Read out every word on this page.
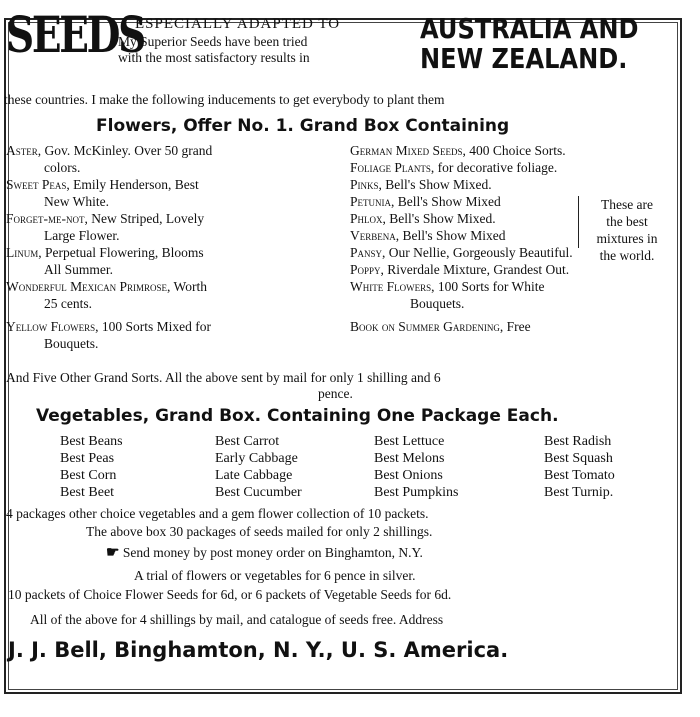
SEEDS
ESPECIALLY ADAPTED TO
My Superior Seeds have been tried
with the most satisfactory results in
AUSTRALIA AND
NEW ZEALAND.
these countries. I make the following inducements to get everybody to plant them
Flowers, Offer No. 1. Grand Box Containing
Aster, Gov. McKinley. Over 50 grand
colors.
Sweet Peas, Emily Henderson, Best
New White.
Forget-me-not, New Striped, Lovely
Large Flower.
Linum, Perpetual Flowering, Blooms
All Summer.
Wonderful Mexican Primrose, Worth
25 cents.
Yellow Flowers, 100 Sorts Mixed for
Bouquets.
German Mixed Seeds, 400 Choice Sorts.
Foliage Plants, for decorative foliage.
Pinks, Bell's Show Mixed.
Petunia, Bell's Show Mixed
Phlox, Bell's Show Mixed.
Verbena, Bell's Show Mixed
Pansy, Our Nellie, Gorgeously Beautiful.
Poppy, Riverdale Mixture, Grandest Out.
White Flowers, 100 Sorts for White
Bouquets.
Book on Summer Gardening, Free
These are
the best
mixtures in
the world.
And Five Other Grand Sorts. All the above sent by mail for only 1 shilling and 6
pence.
Vegetables, Grand Box. Containing One Package Each.
Best Beans
Best Peas
Best Corn
Best Beet
Best Carrot
Early Cabbage
Late Cabbage
Best Cucumber
Best Lettuce
Best Melons
Best Onions
Best Pumpkins
Best Radish
Best Squash
Best Tomato
Best Turnip.
4 packages other choice vegetables and a gem flower collection of 10 packets.
The above box 30 packages of seeds mailed for only 2 shillings.
☛ Send money by post money order on Binghamton, N.Y.
A trial of flowers or vegetables for 6 pence in silver.
10 packets of Choice Flower Seeds for 6d, or 6 packets of Vegetable Seeds for 6d.
All of the above for 4 shillings by mail, and catalogue of seeds free. Address
J. J. Bell, Binghamton, N. Y., U. S. America.
